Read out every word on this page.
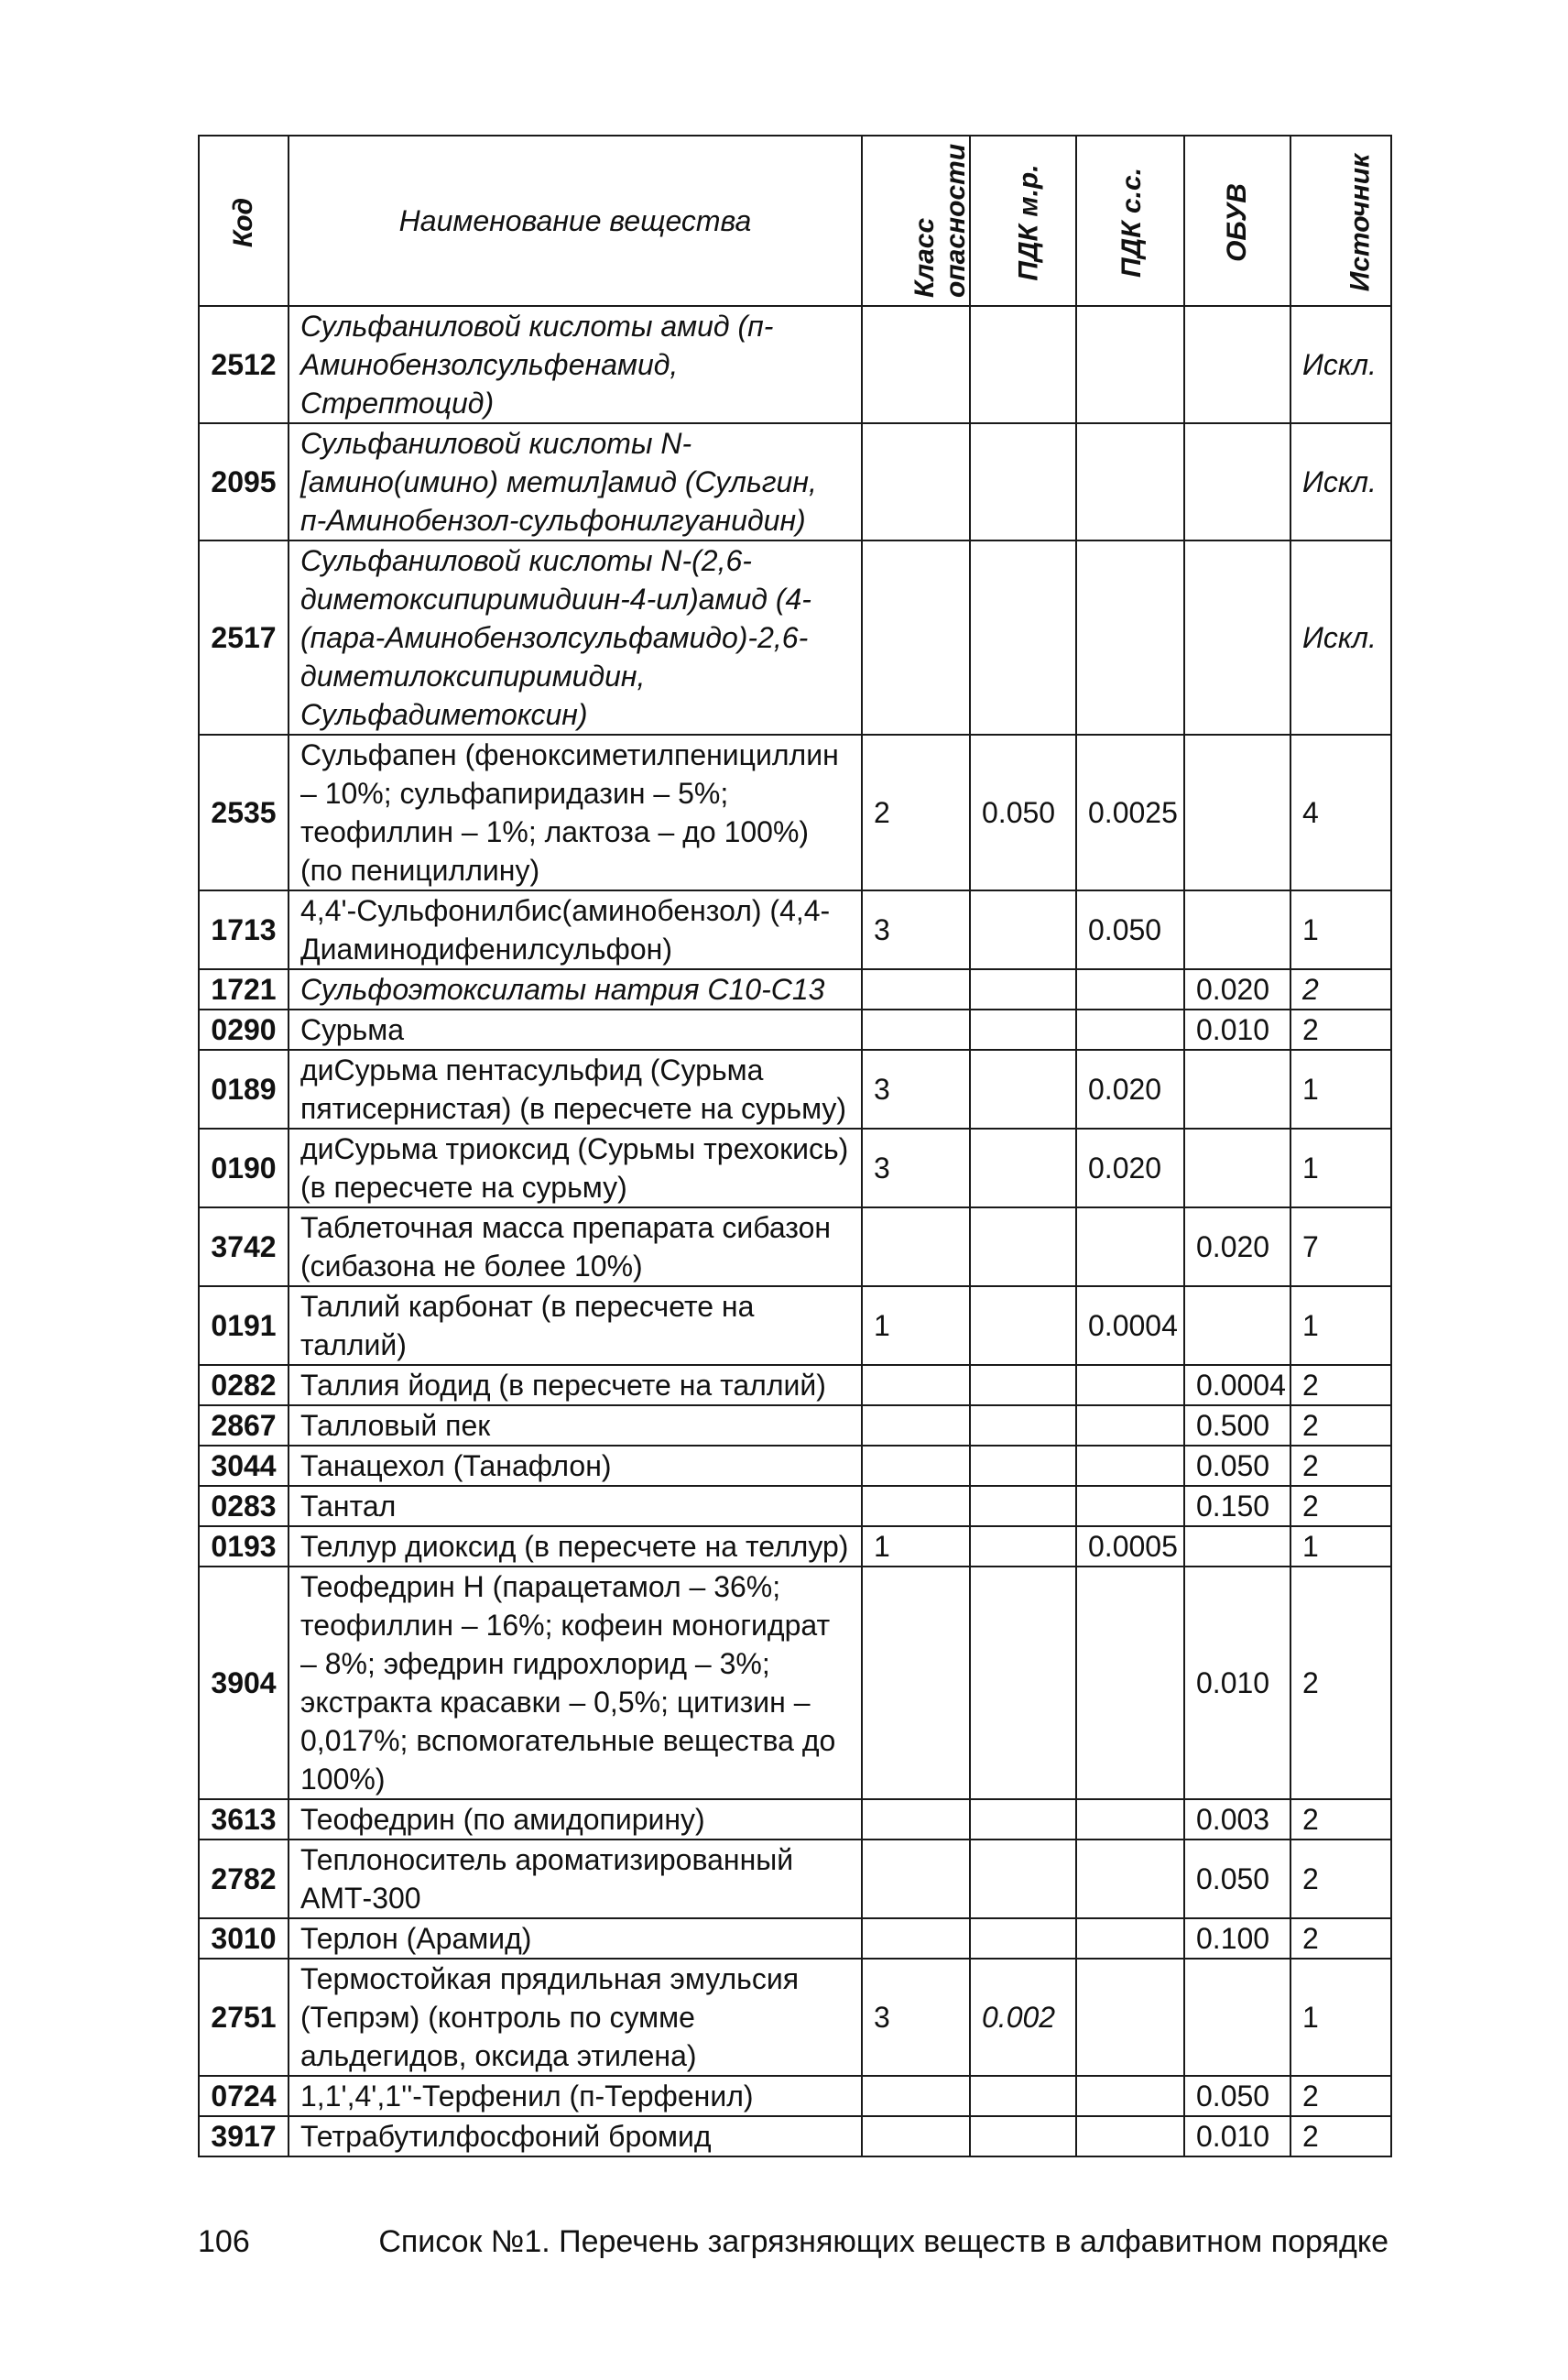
Код	Наименование вещества	Класс опасности	ПДК м.р.	ПДК с.с.	ОБУВ	Источник
2512	Сульфаниловой кислоты амид (п-Аминобензолсульфенамид, Стрептоцид)					Искл.
2095	Сульфаниловой кислоты N-[амино(имино) метил]амид (Сульгин, п-Аминобензол-сульфонилгуанидин)					Искл.
2517	Сульфаниловой кислоты N-(2,6-диметоксипиримидиин-4-ил)амид (4-(пара-Аминобензолсульфамидо)-2,6-диметилоксипиримидин, Сульфадиметоксин)					Искл.
2535	Сульфапен (феноксиметилпенициллин – 10%; сульфапиридазин – 5%; теофиллин – 1%; лактоза – до 100%) (по пенициллину)	2	0.050	0.0025		4
1713	4,4'-Сульфонилбис(аминобензол) (4,4-Диаминодифенилсульфон)	3		0.050		1
1721	Сульфоэтоксилаты натрия C10-C13				0.020	2
0290	Сурьма				0.010	2
0189	диСурьма пентасульфид (Сурьма пятисернистая) (в пересчете на сурьму)	3		0.020		1
0190	диСурьма триоксид (Сурьмы трехокись) (в пересчете на сурьму)	3		0.020		1
3742	Таблеточная масса препарата сибазон (сибазона не более 10%)				0.020	7
0191	Таллий карбонат (в пересчете на таллий)	1		0.0004		1
0282	Таллия йодид (в пересчете на таллий)				0.0004	2
2867	Талловый пек				0.500	2
3044	Танацехол (Танафлон)				0.050	2
0283	Тантал				0.150	2
0193	Теллур диоксид (в пересчете на теллур)	1		0.0005		1
3904	Теофедрин Н (парацетамол – 36%; теофиллин – 16%; кофеин моногидрат – 8%; эфедрин гидрохлорид – 3%; экстракта красавки – 0,5%; цитизин – 0,017%; вспомогательные вещества до 100%)				0.010	2
3613	Теофедрин (по амидопирину)				0.003	2
2782	Теплоноситель ароматизированный АМТ-300				0.050	2
3010	Терлон (Арамид)				0.100	2
2751	Термостойкая прядильная эмульсия (Тепрэм) (контроль по сумме альдегидов, оксида этилена)	3	0.002			1
0724	1,1',4',1''-Терфенил (п-Терфенил)				0.050	2
3917	Тетрабутилфосфоний бромид				0.010	2
106	Список №1. Перечень загрязняющих веществ в алфавитном порядке
